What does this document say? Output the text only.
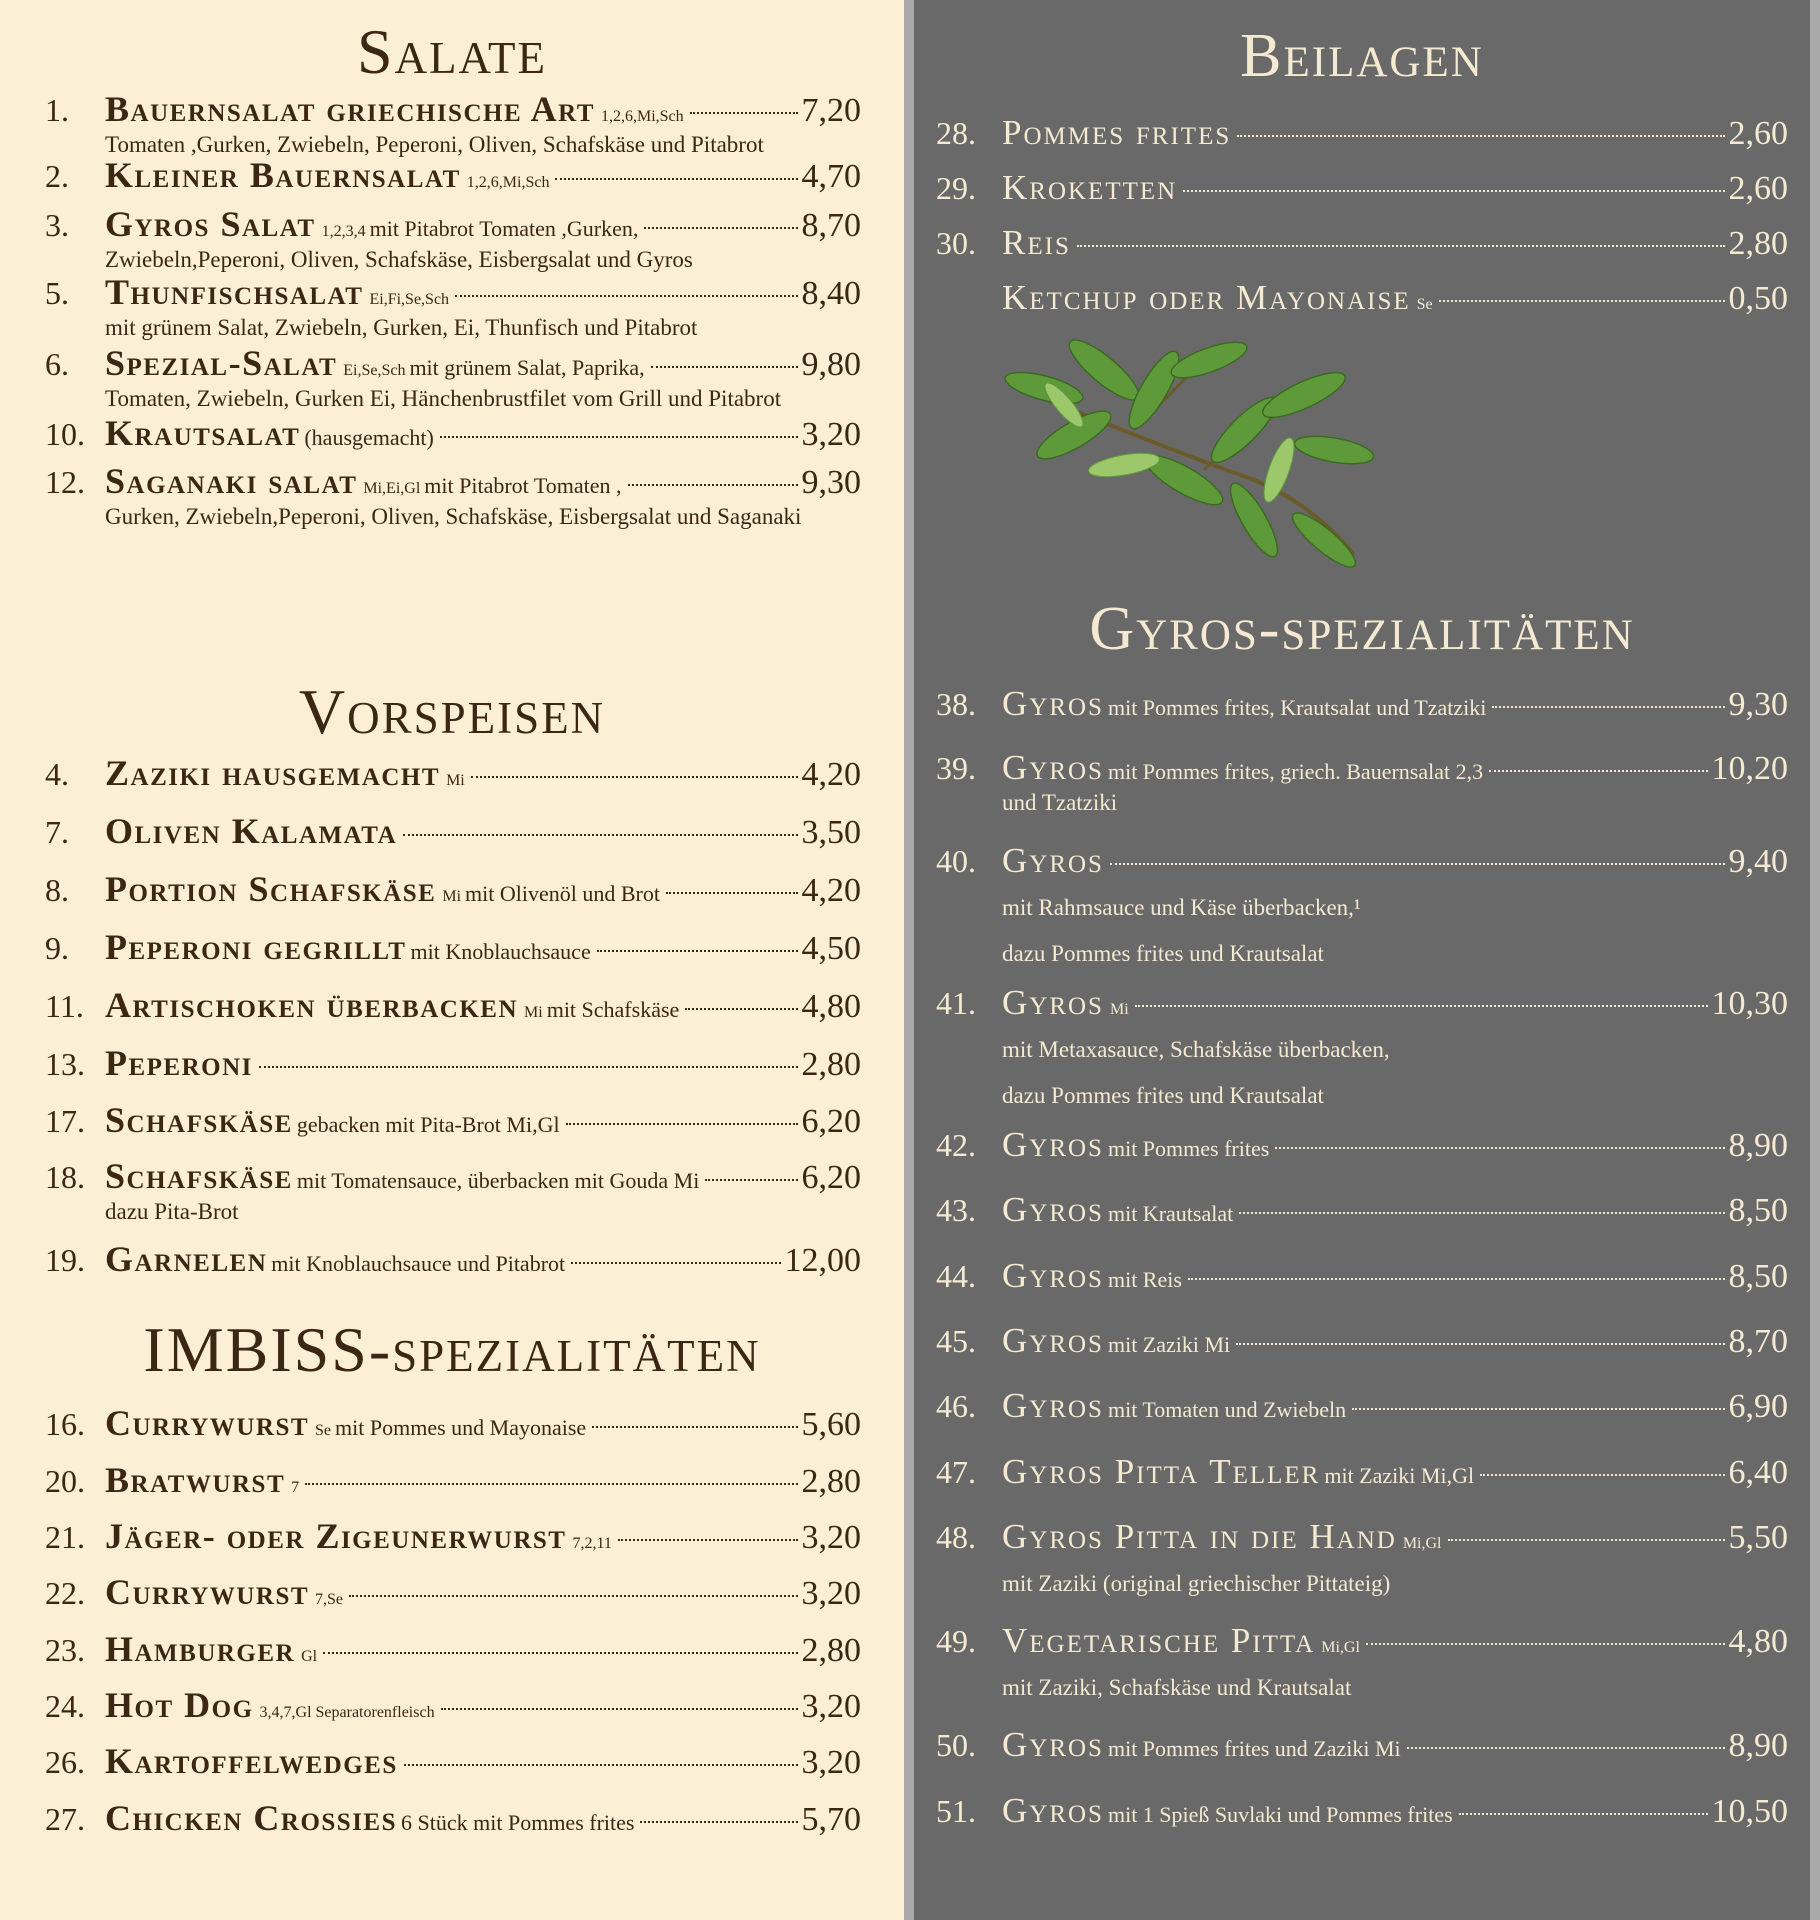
Salate
1.	Bauernsalat griechische Art 1,2,6,Mi,Sch	7,20
Tomaten ,Gurken, Zwiebeln, Peperoni, Oliven, Schafskäse und Pitabrot
2.	Kleiner Bauernsalat 1,2,6,Mi,Sch	4,70
3.	Gyros Salat 1,2,3,4 mit Pitabrot Tomaten ,Gurken,	8,70
Zwiebeln,Peperoni, Oliven, Schafskäse, Eisbergsalat und Gyros
5.	Thunfischsalat Ei,Fi,Se,Sch	8,40
mit grünem Salat, Zwiebeln, Gurken, Ei, Thunfisch und Pitabrot
6.	Spezial-Salat Ei,Se,Sch mit grünem Salat, Paprika,	9,80
Tomaten, Zwiebeln, Gurken Ei, Hänchenbrustfilet vom Grill und Pitabrot
10. Krautsalat (hausgemacht)	3,20
12. Saganaki salat Mi,Ei,Gl mit Pitabrot Tomaten ,	9,30
Gurken, Zwiebeln,Peperoni, Oliven, Schafskäse, Eisbergsalat und Saganaki
Vorspeisen
4.	Zaziki hausgemacht Mi	4,20
7.	Oliven Kalamata	3,50
8.	Portion Schafskäse Mi mit Olivenöl und Brot	4,20
9.	Peperoni gegrillt mit Knoblauchsauce	4,50
11. Artischoken überbacken Mi mit Schafskäse	4,80
13. Peperoni	2,80
17. Schafskäse gebacken mit Pita-Brot Mi,Gl	6,20
18. Schafskäse mit Tomatensauce, überbacken mit Gouda Mi	6,20
dazu Pita-Brot
19. Garnelen mit Knoblauchsauce und Pitabrot	12,00
IMBISS-spezialitäten
16. Currywurst Se mit Pommes und Mayonaise	5,60
20. Bratwurst 7	2,80
21. Jäger- oder Zigeunerwurst 7,2,11	3,20
22. Currywurst 7,Se	3,20
23. Hamburger Gl	2,80
24. Hot Dog 3,4,7,Gl Separatorenfleisch	3,20
26. Kartoffelwedges	3,20
27. Chicken Crossies 6 Stück mit Pommes frites	5,70
Beilagen
28. Pommes frites	2,60
29. Kroketten	2,60
30. Reis	2,80
Ketchup oder Mayonaise Se	0,50
Gyros-spezialitäten
38. Gyros mit Pommes frites, Krautsalat und Tzatziki	9,30
39. Gyros mit Pommes frites, griech. Bauernsalat 2,3	10,20
und Tzatziki
40. Gyros	9,40
mit Rahmsauce und Käse überbacken,¹
dazu Pommes frites und Krautsalat
41. Gyros Mi	10,30
mit Metaxasauce, Schafskäse überbacken,
dazu Pommes frites und Krautsalat
42. Gyros mit Pommes frites	8,90
43. Gyros mit Krautsalat	8,50
44. Gyros mit Reis	8,50
45. Gyros mit Zaziki Mi	8,70
46. Gyros mit Tomaten und Zwiebeln	6,90
47. Gyros Pitta Teller mit Zaziki Mi,Gl	6,40
48. Gyros Pitta in die Hand Mi,Gl	5,50
mit Zaziki (original griechischer Pittateig)
49. Vegetarische Pitta Mi,Gl	4,80
mit Zaziki, Schafskäse und Krautsalat
50. Gyros mit Pommes frites und Zaziki Mi	8,90
51. Gyros mit 1 Spieß Suvlaki und Pommes frites	10,50
